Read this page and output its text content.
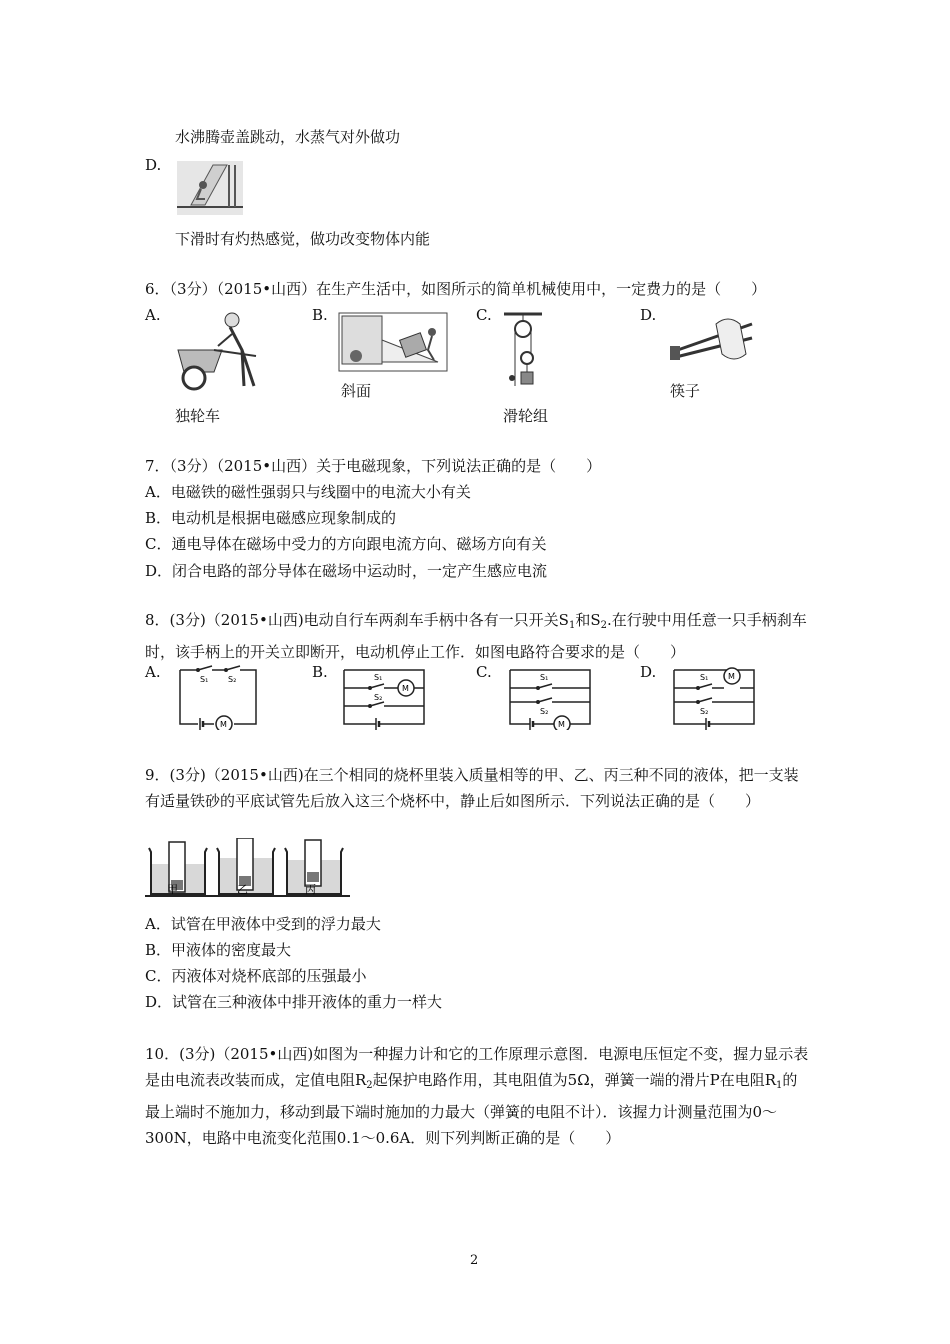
水沸腾壶盖跳动，水蒸气对外做功
D.
下滑时有灼热感觉，做功改变物体内能
6．（3分）（2015•山西）在生产生活中，如图所示的简单机械使用中，一定费力的是（　　）
A.
独轮车
B.
斜面
C.
滑轮组
D.
筷子
7．（3分）（2015•山西）关于电磁现象，下列说法正确的是（　　）
A．电磁铁的磁性强弱只与线圈中的电流大小有关
B．电动机是根据电磁感应现象制成的
C．通电导体在磁场中受力的方向跟电流方向、磁场方向有关
D．闭合电路的部分导体在磁场中运动时，一定产生感应电流
8．(3分)（2015•山西)电动自行车两刹车手柄中各有一只开关$S_1$和$S_2$.在行驶中用任意一只手柄刹车时，该手柄上的开关立即断开，电动机停止工作．如图电路符合要求的是（　　）
A.	S₁ S₂
M
B.	S₁
S₂
M
C.	S₁
S₂
M
D.	S₁
S₂
M
9．(3分)（2015•山西)在三个相同的烧杯里装入质量相等的甲、乙、丙三种不同的液体，把一支装有适量铁砂的平底试管先后放入这三个烧杯中，静止后如图所示．下列说法正确的是（　　）
甲	乙	丙
A．试管在甲液体中受到的浮力最大
B．甲液体的密度最大
C．丙液体对烧杯底部的压强最小
D．试管在三种液体中排开液体的重力一样大
10．(3分)（2015•山西)如图为一种握力计和它的工作原理示意图．电源电压恒定不变，握力显示表是由电流表改装而成，定值电阻$R_2$起保护电路作用，其电阻值为5Ω，弹簧一端的滑片P在电阻$R_1$的最上端时不施加力，移动到最下端时施加的力最大（弹簧的电阻不计）．该握力计测量范围为0～300N，电路中电流变化范围0.1～0.6A．则下列判断正确的是（　　）
2
